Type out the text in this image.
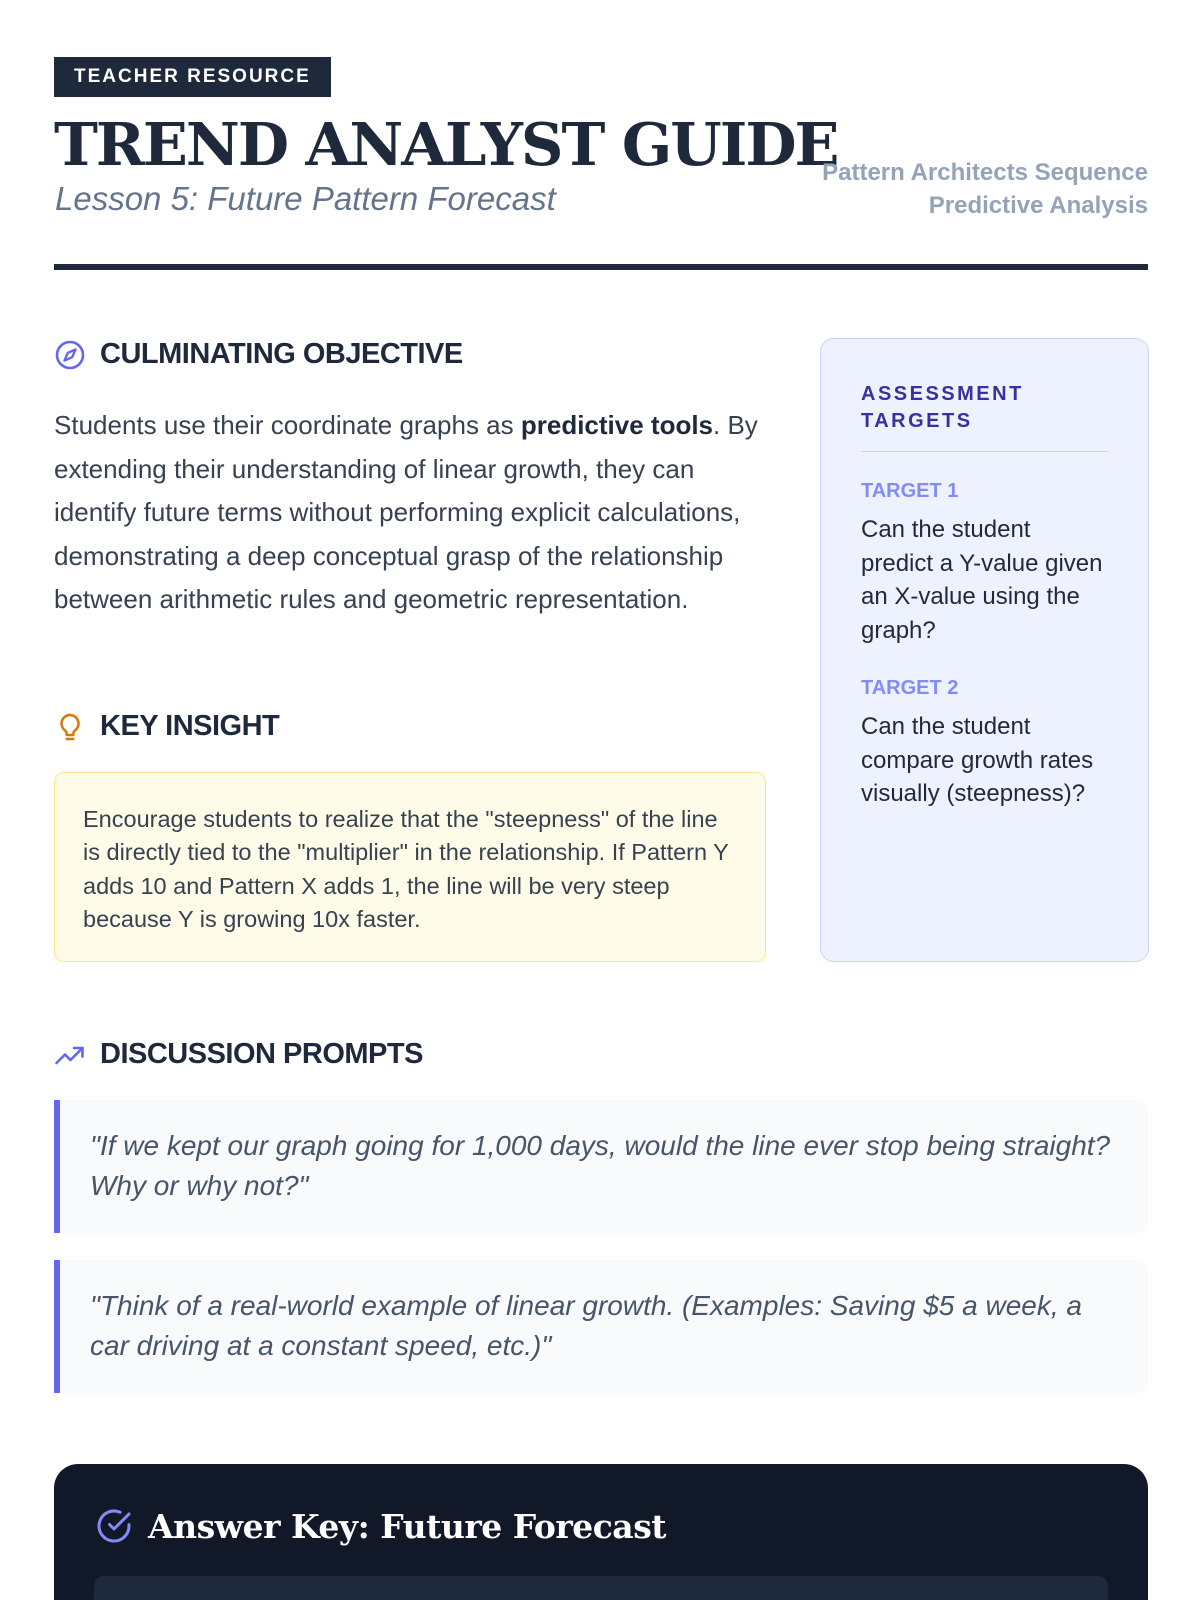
TEACHER RESOURCE
TREND ANALYST GUIDE
Lesson 5: Future Pattern Forecast
Pattern Architects Sequence
Predictive Analysis
CULMINATING OBJECTIVE

Students use their coordinate graphs as predictive tools. By extending their understanding of linear growth, they can identify future terms without performing explicit calculations, demonstrating a deep conceptual grasp of the relationship between arithmetic rules and geometric representation.

KEY INSIGHT
Encourage students to realize that the "steepness" of the line is directly tied to the "multiplier" in the relationship. If Pattern Y adds 10 and Pattern X adds 1, the line will be very steep because Y is growing 10x faster.
ASSESSMENT TARGETS
TARGET 1
Can the student predict a Y-value given an X-value using the graph?
TARGET 2
Can the student compare growth rates visually (steepness)?
DISCUSSION PROMPTS
"If we kept our graph going for 1,000 days, would the line ever stop being straight? Why or why not?"
"Think of a real-world example of linear growth. (Examples: Saving $5 a week, a car driving at a constant speed, etc.)"
Answer Key: Future Forecast
